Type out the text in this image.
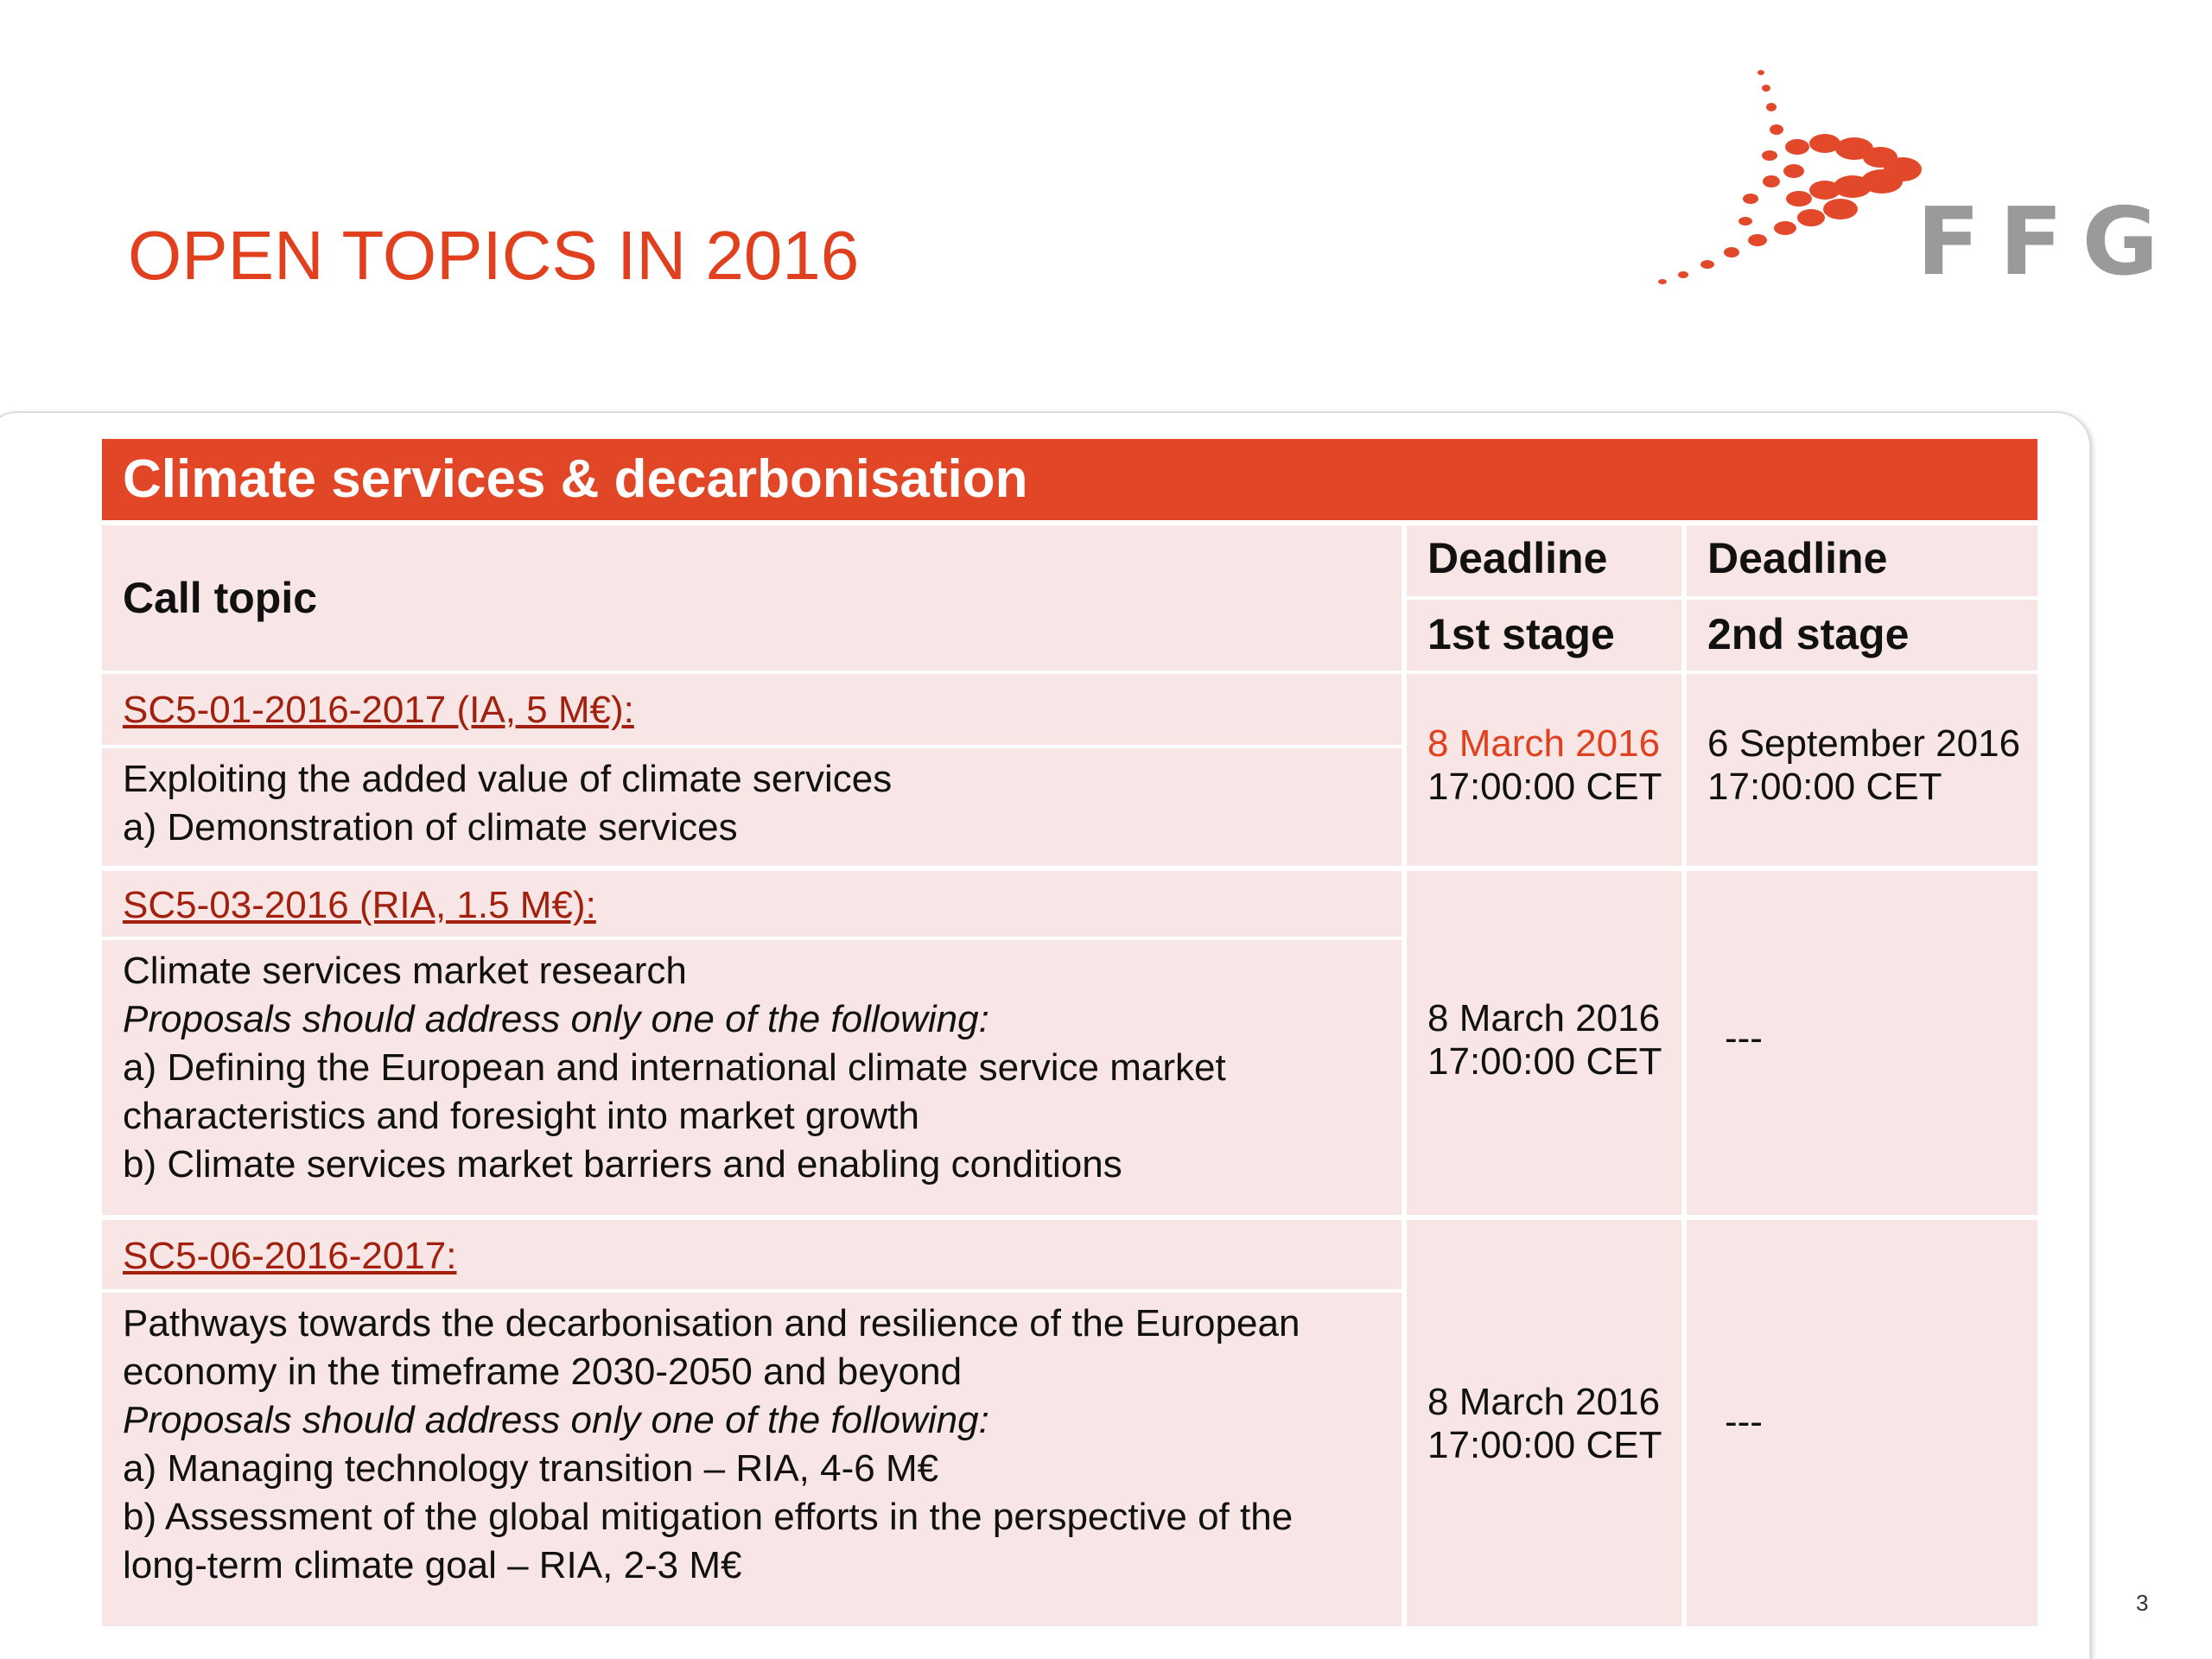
OPEN TOPICS IN 2016	FFG
Climate services & decarbonisation
Call topic
Deadline
1st stage
Deadline
2nd stage
SC5-01-2016-2017 (IA, 5 M€):
Exploiting the added value of climate services
a) Demonstration of climate services
8 March 2016
17:00:00 CET
6 September 2016
17:00:00 CET
SC5-03-2016 (RIA, 1.5 M€):
Climate services market research
Proposals should address only one of the following:
a) Defining the European and international climate service market
characteristics and foresight into market growth
b) Climate services market barriers and enabling conditions
8 March 2016
17:00:00 CET
---
SC5-06-2016-2017:
Pathways towards the decarbonisation and resilience of the European
economy in the timeframe 2030-2050 and beyond
Proposals should address only one of the following:
a) Managing technology transition – RIA, 4-6 M€
b) Assessment of the global mitigation efforts in the perspective of the
long-term climate goal – RIA, 2-3 M€
8 March 2016
17:00:00 CET
---
3
